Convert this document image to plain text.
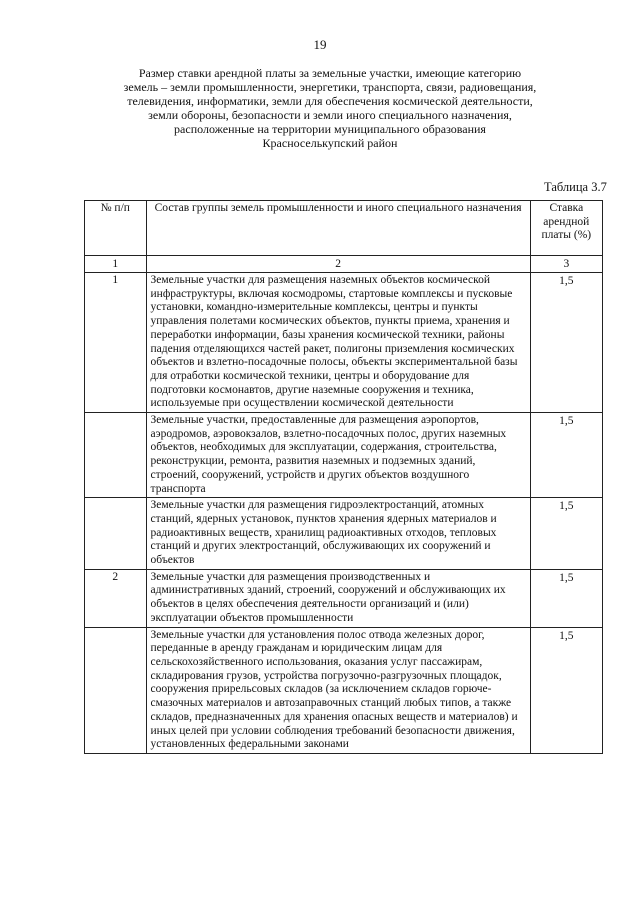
19
Размер ставки арендной платы за земельные участки, имеющие категорию
земель – земли промышленности, энергетики, транспорта, связи, радиовещания,
телевидения, информатики, земли для обеспечения космической деятельности,
земли обороны, безопасности и земли иного специального назначения,
расположенные на территории муниципального образования
Красноселькупский район
Таблица 3.7
№ п/п	Состав группы земель промышленности и иного специального назначения	Ставка арендной платы (%)
1	2	3
1	Земельные участки для размещения наземных объектов космической инфраструктуры, включая космодромы, стартовые комплексы и пусковые установки, командно-измерительные комплексы, центры и пункты управления полетами космических объектов, пункты приема, хранения и переработки информации, базы хранения космической техники, районы падения отделяющихся частей ракет, полигоны приземления космических объектов и взлетно-посадочные полосы, объекты экспериментальной базы для отработки космической техники, центры и оборудование для подготовки космонавтов, другие наземные сооружения и техника, используемые при осуществлении космической деятельности	1,5

	Земельные участки, предоставленные для размещения аэропортов, аэродромов, аэровокзалов, взлетно-посадочных полос, других наземных объектов, необходимых для эксплуатации, содержания, строительства, реконструкции, ремонта, развития наземных и подземных зданий, строений, сооружений, устройств и других объектов воздушного транспорта	1,5

	Земельные участки для размещения гидроэлектростанций, атомных станций, ядерных установок, пунктов хранения ядерных материалов и радиоактивных веществ, хранилищ радиоактивных отходов, тепловых станций и других электростанций, обслуживающих их сооружений и объектов	1,5

2	Земельные участки для размещения производственных и административных зданий, строений, сооружений и обслуживающих их объектов в целях обеспечения деятельности организаций и (или) эксплуатации объектов промышленности	1,5

	Земельные участки для установления полос отвода железных дорог, переданные в аренду гражданам и юридическим лицам для сельскохозяйственного использования, оказания услуг пассажирам, складирования грузов, устройства погрузочно-разгрузочных площадок, сооружения прирельсовых складов (за исключением складов горюче-смазочных материалов и автозаправочных станций любых типов, а также складов, предназначенных для хранения опасных веществ и материалов) и иных целей при условии соблюдения требований безопасности движения, установленных федеральными законами	1,5
